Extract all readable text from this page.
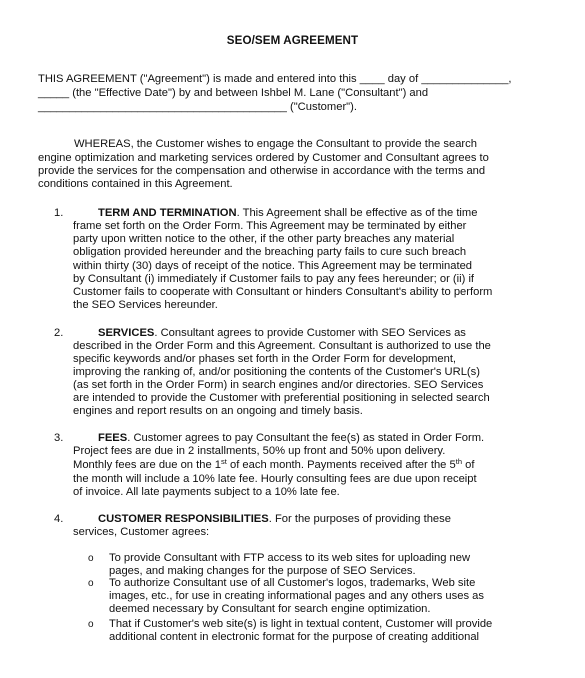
SEO/SEM AGREEMENT
THIS AGREEMENT ("Agreement") is made and entered into this ____ day of ______________,
_____ (the "Effective Date") by and between Ishbel M. Lane ("Consultant") and
________________________________________ ("Customer").
WHEREAS, the Customer wishes to engage the Consultant to provide the search
engine optimization and marketing services ordered by Customer and Consultant agrees to
provide the services for the compensation and otherwise in accordance with the terms and
conditions contained in this Agreement.
1.	TERM AND TERMINATION. This Agreement shall be effective as of the time
frame set forth on the Order Form. This Agreement may be terminated by either
party upon written notice to the other, if the other party breaches any material
obligation provided hereunder and the breaching party fails to cure such breach
within thirty (30) days of receipt of the notice. This Agreement may be terminated
by Consultant (i) immediately if Customer fails to pay any fees hereunder; or (ii) if
Customer fails to cooperate with Consultant or hinders Consultant's ability to perform
the SEO Services hereunder.
2.	SERVICES. Consultant agrees to provide Customer with SEO Services as
described in the Order Form and this Agreement. Consultant is authorized to use the
specific keywords and/or phases set forth in the Order Form for development,
improving the ranking of, and/or positioning the contents of the Customer's URL(s)
(as set forth in the Order Form) in search engines and/or directories. SEO Services
are intended to provide the Customer with preferential positioning in selected search
engines and report results on an ongoing and timely basis.
3.	FEES. Customer agrees to pay Consultant the fee(s) as stated in Order Form.
Project fees are due in 2 installments, 50% up front and 50% upon delivery.
Monthly fees are due on the 1st of each month. Payments received after the 5th of
the month will include a 10% late fee. Hourly consulting fees are due upon receipt
of invoice. All late payments subject to a 10% late fee.
4.	CUSTOMER RESPONSIBILITIES. For the purposes of providing these
services, Customer agrees:
o To provide Consultant with FTP access to its web sites for uploading new
pages, and making changes for the purpose of SEO Services.
o To authorize Consultant use of all Customer's logos, trademarks, Web site
images, etc., for use in creating informational pages and any others uses as
deemed necessary by Consultant for search engine optimization.
o That if Customer's web site(s) is light in textual content, Customer will provide
additional content in electronic format for the purpose of creating additional
